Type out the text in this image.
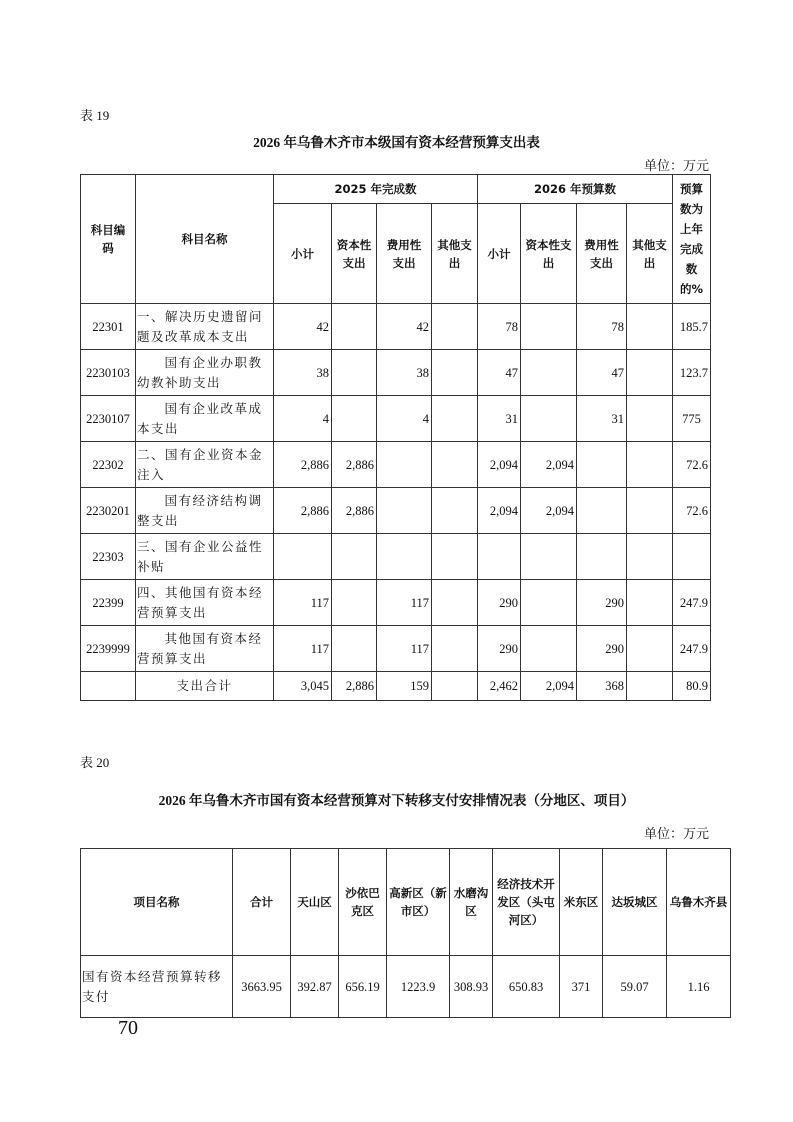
表 19
2026 年乌鲁木齐市本级国有资本经营预算支出表
单位：万元
科目编码	科目名称	2025 年完成数				2026 年预算数				预算数为上年完成数的%
		小计	资本性支出	费用性支出	其他支出	小计	资本性支出	费用性支出	其他支出	
22301	一、解决历史遗留问题及改革成本支出	42		42		78		78		185.7
2230103	国有企业办职教幼教补助支出	38		38		47		47		123.7
2230107	国有企业改革成本支出	4		4		31		31		775
22302	二、国有企业资本金注入	2,886	2,886			2,094	2,094			72.6
2230201	国有经济结构调整支出	2,886	2,886			2,094	2,094			72.6
22303	三、国有企业公益性补贴									
22399	四、其他国有资本经营预算支出	117		117		290		290		247.9
2239999	其他国有资本经营预算支出	117		117		290		290		247.9
	支出合计	3,045	2,886	159		2,462	2,094	368		80.9
表 20
2026 年乌鲁木齐市国有资本经营预算对下转移支付安排情况表（分地区、项目）
单位：万元
项目名称	合计	天山区	沙依巴克区	高新区（新市区）	水磨沟区	经济技术开发区（头屯河区）	米东区	达坂城区	乌鲁木齐县
国有资本经营预算转移支付	3663.95	392.87	656.19	1223.9	308.93	650.83	371	59.07	1.16
70
